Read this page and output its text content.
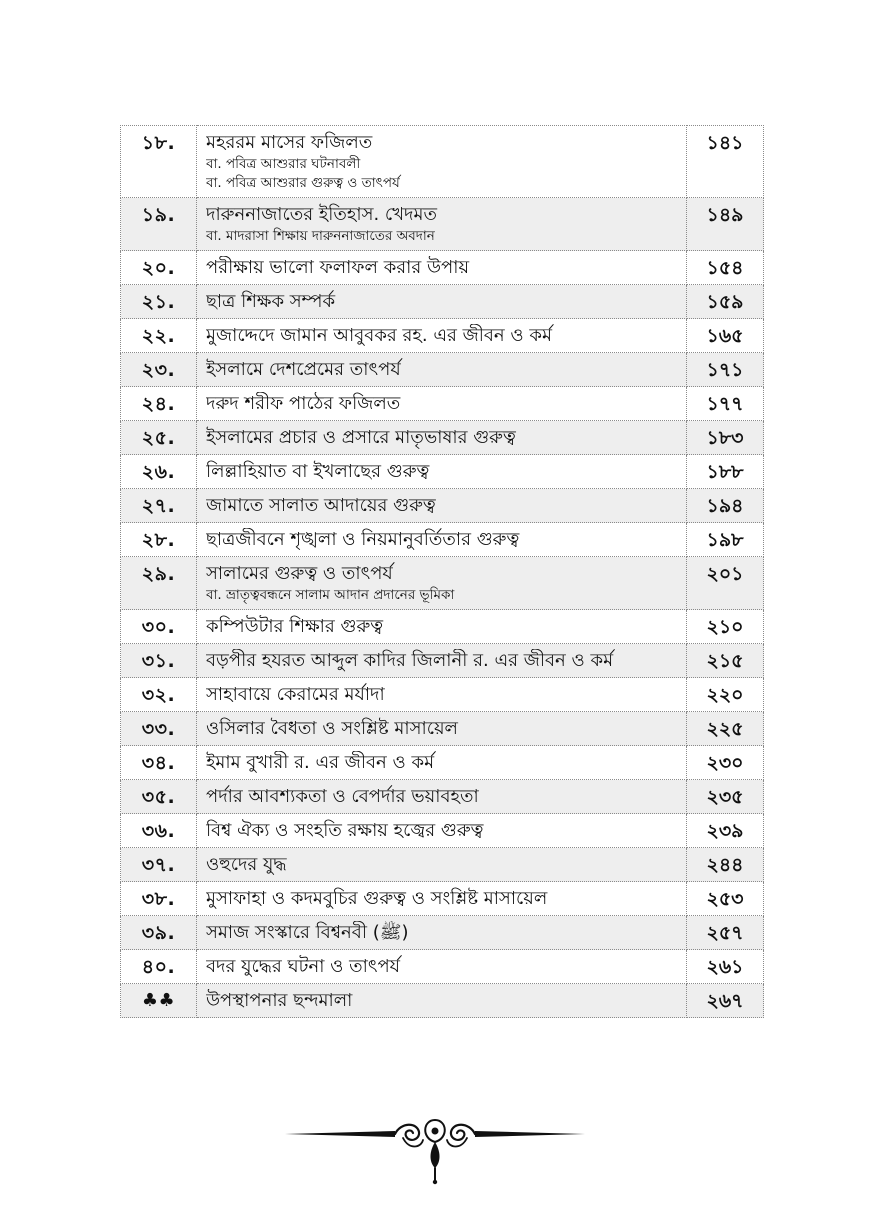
১৮.	মহররম মাসের ফজিলত
বা. পবিত্র আশুরার ঘটনাবলী
বা. পবিত্র আশুরার গুরুত্ব ও তাৎপর্য	১৪১
১৯.	দারুননাজাতের ইতিহাস. খেদমত
বা. মাদরাসা শিক্ষায় দারুননাজাতের অবদান	১৪৯
২০.	পরীক্ষায় ভালো ফলাফল করার উপায়	১৫৪
২১.	ছাত্র শিক্ষক সম্পর্ক	১৫৯
২২.	মুজাদ্দেদে জামান আবুবকর রহ. এর জীবন ও কর্ম	১৬৫
২৩.	ইসলামে দেশপ্রেমের তাৎপর্য	১৭১
২৪.	দরুদ শরীফ পাঠের ফজিলত	১৭৭
২৫.	ইসলামের প্রচার ও প্রসারে মাতৃভাষার গুরুত্ব	১৮৩
২৬.	লিল্লাহিয়াত বা ইখলাছের গুরুত্ব	১৮৮
২৭.	জামাতে সালাত আদায়ের গুরুত্ব	১৯৪
২৮.	ছাত্রজীবনে শৃঙ্খলা ও নিয়মানুবর্তিতার গুরুত্ব	১৯৮
২৯.	সালামের গুরুত্ব ও তাৎপর্য
বা. ভ্রাতৃত্ববন্ধনে সালাম আদান প্রদানের ভূমিকা	২০১
৩০.	কম্পিউটার শিক্ষার গুরুত্ব	২১০
৩১.	বড়পীর হযরত আব্দুল কাদির জিলানী র. এর জীবন ও কর্ম	২১৫
৩২.	সাহাবায়ে কেরামের মর্যাদা	২২০
৩৩.	ওসিলার বৈধতা ও সংশ্লিষ্ট মাসায়েল	২২৫
৩৪.	ইমাম বুখারী র. এর জীবন ও কর্ম	২৩০
৩৫.	পর্দার আবশ্যকতা ও বেপর্দার ভয়াবহতা	২৩৫
৩৬.	বিশ্ব ঐক্য ও সংহতি রক্ষায় হজ্বের গুরুত্ব	২৩৯
৩৭.	ওহুদের যুদ্ধ	২৪৪
৩৮.	মুসাফাহা ও কদমবুচির গুরুত্ব ও সংশ্লিষ্ট মাসায়েল	২৫৩
৩৯.	সমাজ সংস্কারে বিশ্বনবী (ﷺ)	২৫৭
৪০.	বদর যুদ্ধের ঘটনা ও তাৎপর্য	২৬১
♣♣	উপস্থাপনার ছন্দমালা	২৬৭
